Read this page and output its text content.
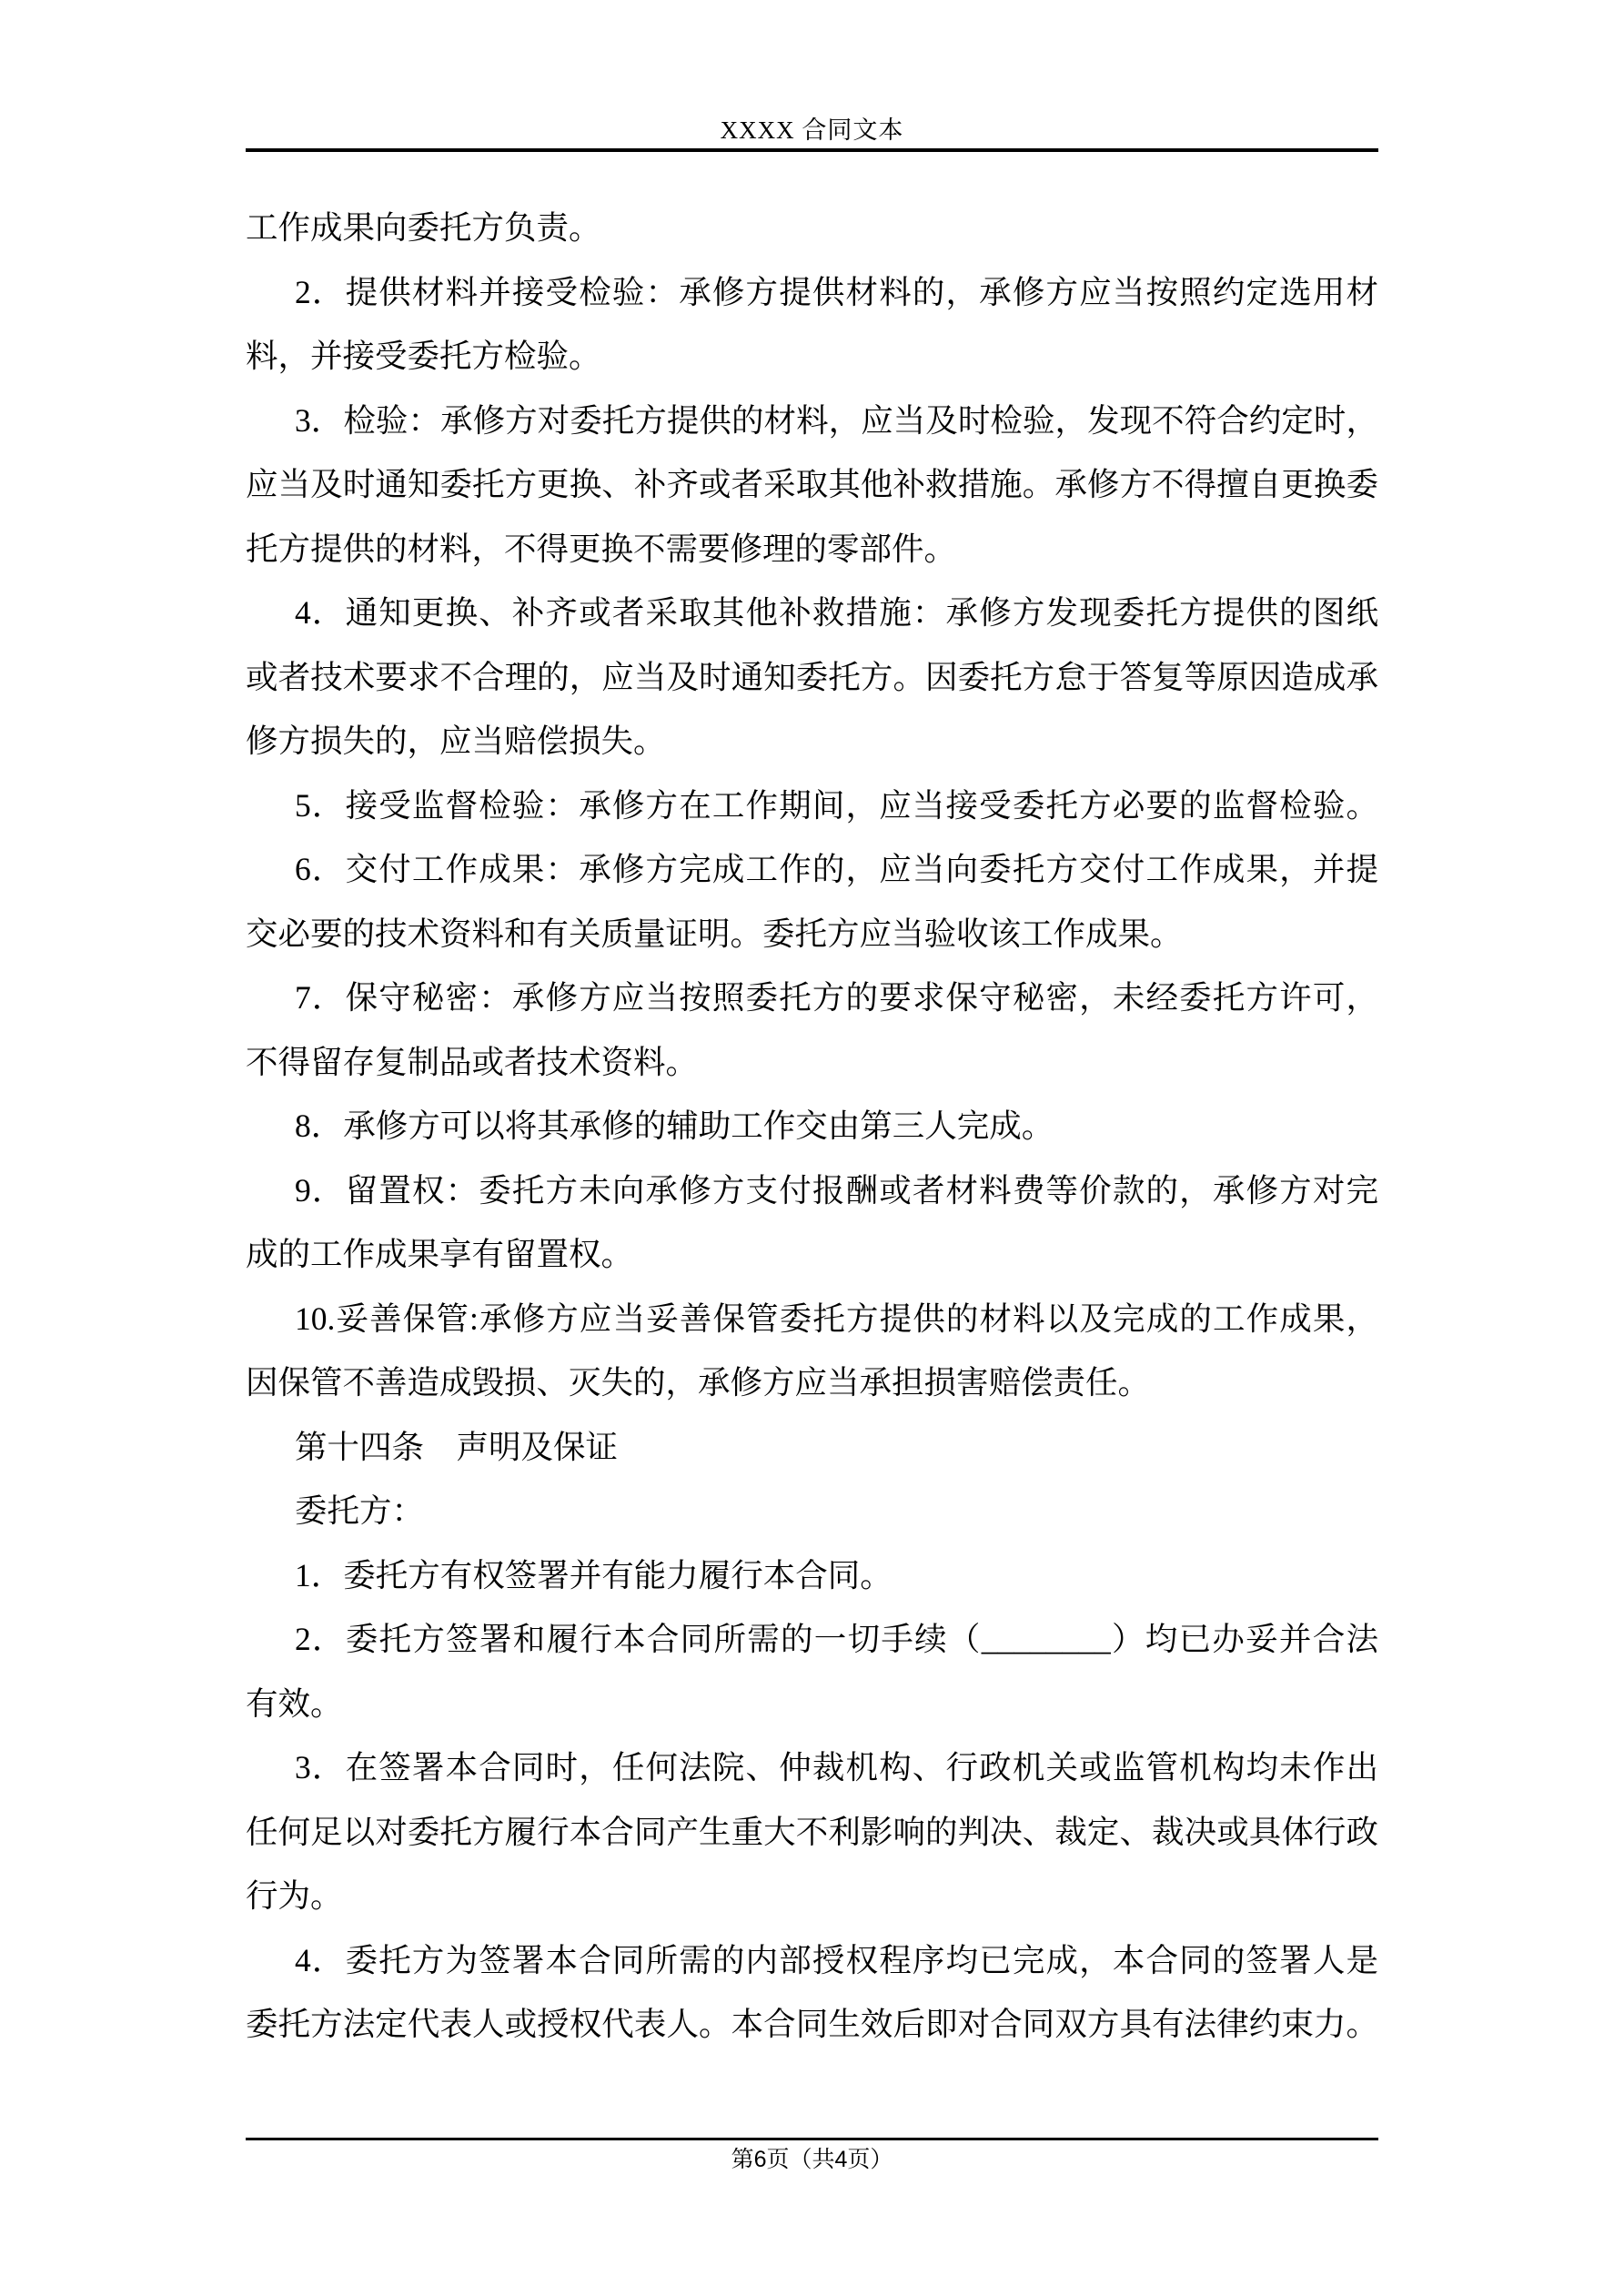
XXXX 合同文本
工作成果向委托方负责。
2．提供材料并接受检验：承修方提供材料的，承修方应当按照约定选用材
料，并接受委托方检验。
3．检验：承修方对委托方提供的材料，应当及时检验，发现不符合约定时，
应当及时通知委托方更换、补齐或者采取其他补救措施。承修方不得擅自更换委
托方提供的材料，不得更换不需要修理的零部件。
4．通知更换、补齐或者采取其他补救措施：承修方发现委托方提供的图纸
或者技术要求不合理的，应当及时通知委托方。因委托方怠于答复等原因造成承
修方损失的，应当赔偿损失。
5．接受监督检验：承修方在工作期间，应当接受委托方必要的监督检验。
6．交付工作成果：承修方完成工作的，应当向委托方交付工作成果，并提
交必要的技术资料和有关质量证明。委托方应当验收该工作成果。
7．保守秘密：承修方应当按照委托方的要求保守秘密，未经委托方许可，
不得留存复制品或者技术资料。
8．承修方可以将其承修的辅助工作交由第三人完成。
9．留置权：委托方未向承修方支付报酬或者材料费等价款的，承修方对完
成的工作成果享有留置权。
10.妥善保管:承修方应当妥善保管委托方提供的材料以及完成的工作成果，
因保管不善造成毁损、灭失的，承修方应当承担损害赔偿责任。
第十四条　声明及保证
委托方：
1．委托方有权签署并有能力履行本合同。
2．委托方签署和履行本合同所需的一切手续（________）均已办妥并合法
有效。
3．在签署本合同时，任何法院、仲裁机构、行政机关或监管机构均未作出
任何足以对委托方履行本合同产生重大不利影响的判决、裁定、裁决或具体行政
行为。
4．委托方为签署本合同所需的内部授权程序均已完成，本合同的签署人是
委托方法定代表人或授权代表人。本合同生效后即对合同双方具有法律约束力。
第6页（共4页）
